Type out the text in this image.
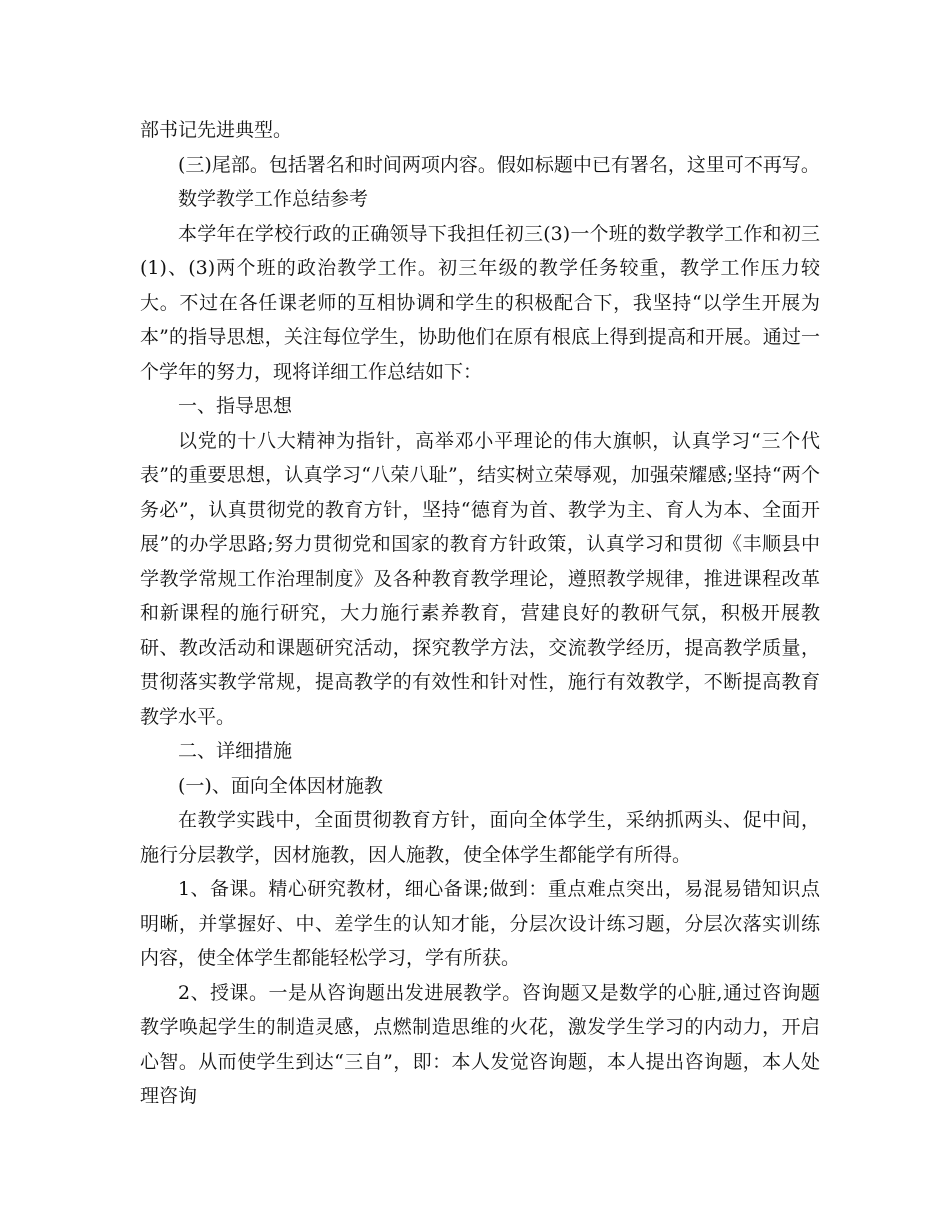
部书记先进典型。

(三)尾部。包括署名和时间两项内容。假如标题中已有署名，这里可不再写。

数学教学工作总结参考

本学年在学校行政的正确领导下我担任初三(3)一个班的数学教学工作和初三(1)、(3)两个班的政治教学工作。初三年级的教学任务较重，教学工作压力较大。不过在各任课老师的互相协调和学生的积极配合下，我坚持“以学生开展为本”的指导思想，关注每位学生，协助他们在原有根底上得到提高和开展。通过一个学年的努力，现将详细工作总结如下：

一、指导思想

以党的十八大精神为指针，高举邓小平理论的伟大旗帜，认真学习“三个代表”的重要思想，认真学习“八荣八耻”，结实树立荣辱观，加强荣耀感;坚持“两个务必”，认真贯彻党的教育方针，坚持“德育为首、教学为主、育人为本、全面开展”的办学思路;努力贯彻党和国家的教育方针政策，认真学习和贯彻《丰顺县中学教学常规工作治理制度》及各种教育教学理论，遵照教学规律，推进课程改革和新课程的施行研究，大力施行素养教育，营建良好的教研气氛，积极开展教研、教改活动和课题研究活动，探究教学方法，交流教学经历，提高教学质量，贯彻落实教学常规，提高教学的有效性和针对性，施行有效教学，不断提高教育教学水平。

二、详细措施

(一)、面向全体因材施教

在教学实践中，全面贯彻教育方针，面向全体学生，采纳抓两头、促中间，施行分层教学，因材施教，因人施教，使全体学生都能学有所得。

1、备课。精心研究教材，细心备课;做到：重点难点突出，易混易错知识点明晰，并掌握好、中、差学生的认知才能，分层次设计练习题，分层次落实训练内容，使全体学生都能轻松学习，学有所获。

2、授课。一是从咨询题出发进展教学。咨询题又是数学的心脏,通过咨询题教学唤起学生的制造灵感，点燃制造思维的火花，激发学生学习的内动力，开启心智。从而使学生到达“三自”，即：本人发觉咨询题，本人提出咨询题，本人处理咨询
